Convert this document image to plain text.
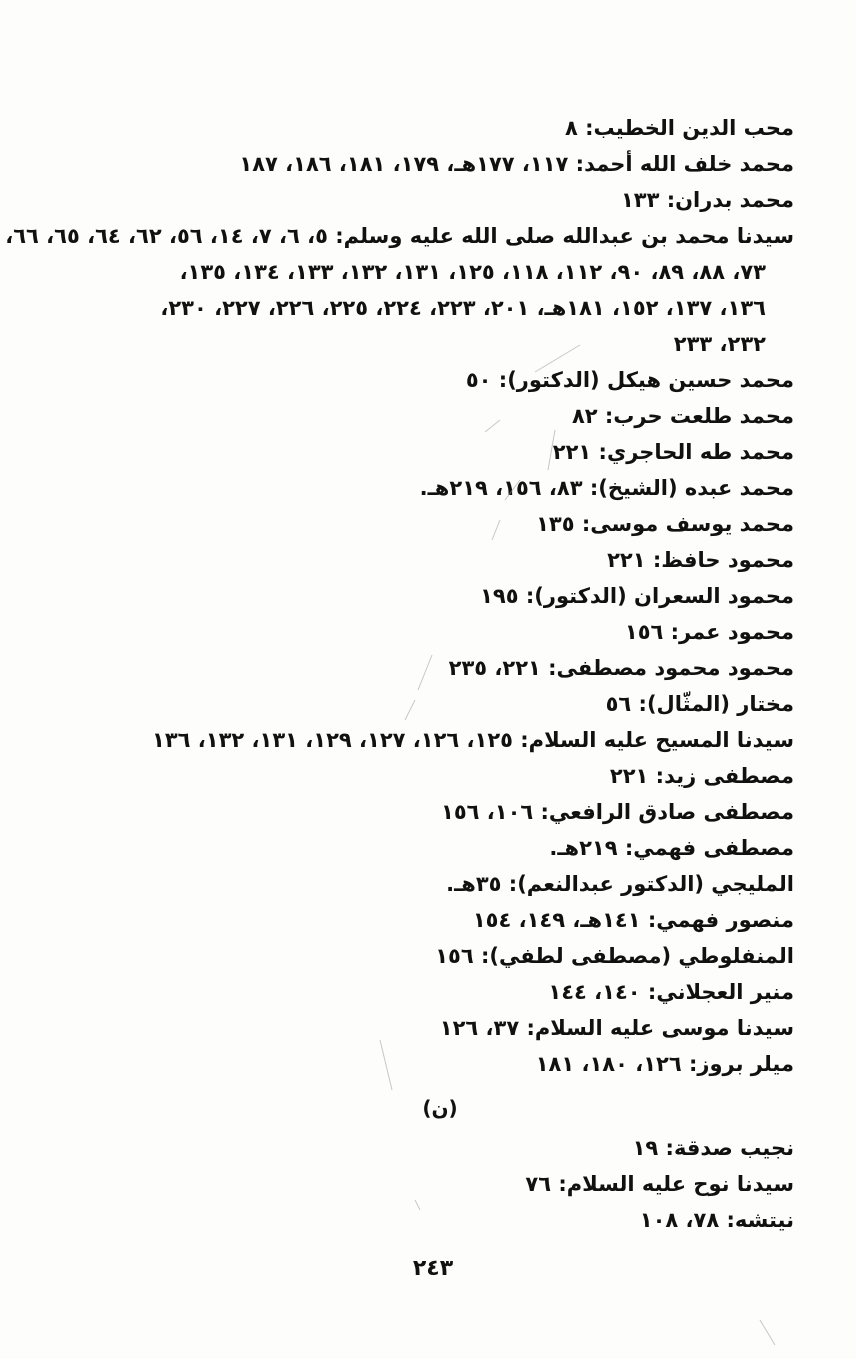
محب الدين الخطيب: ٨
محمد خلف الله أحمد: ١١٧، ١٧٧هـ، ١٧٩، ١٨١، ١٨٦، ١٨٧
محمد بدران: ١٣٣
سيدنا محمد بن عبدالله صلى الله عليه وسلم: ٥، ٦، ٧، ١٤، ٥٦، ٦٢، ٦٤، ٦٥، ٦٦،
٧٣، ٨٨، ٨٩، ٩٠، ١١٢، ١١٨، ١٢٥، ١٣١، ١٣٢، ١٣٣، ١٣٤، ١٣٥،
١٣٦، ١٣٧، ١٥٢، ١٨١هـ، ٢٠١، ٢٢٣، ٢٢٤، ٢٢٥، ٢٢٦، ٢٢٧، ٢٣٠،
٢٣٢، ٢٣٣
محمد حسين هيكل (الدكتور): ٥٠
محمد طلعت حرب: ٨٢
محمد طه الحاجري: ٢٢١
محمد عبده (الشيخ): ٨٣، ١٥٦، ٢١٩هـ.
محمد يوسف موسى: ١٣٥
محمود حافظ: ٢٢١
محمود السعران (الدكتور): ١٩٥
محمود عمر: ١٥٦
محمود محمود مصطفى: ٢٢١، ٢٣٥
مختار (المثّال): ٥٦
سيدنا المسيح عليه السلام: ١٢٥، ١٢٦، ١٢٧، ١٢٩، ١٣١، ١٣٢، ١٣٦
مصطفى زيد: ٢٢١
مصطفى صادق الرافعي: ١٠٦، ١٥٦
مصطفى فهمي: ٢١٩هـ.
المليجي (الدكتور عبدالنعم): ٣٥هـ.
منصور فهمي: ١٤١هـ، ١٤٩، ١٥٤
المنفلوطي (مصطفى لطفي): ١٥٦
منير العجلاني: ١٤٠، ١٤٤
سيدنا موسى عليه السلام: ٣٧، ١٢٦
ميلر بروز: ١٢٦، ١٨٠، ١٨١
(ن)
نجيب صدقة: ١٩
سيدنا نوح عليه السلام: ٧٦
نيتشه: ٧٨، ١٠٨
٢٤٣
